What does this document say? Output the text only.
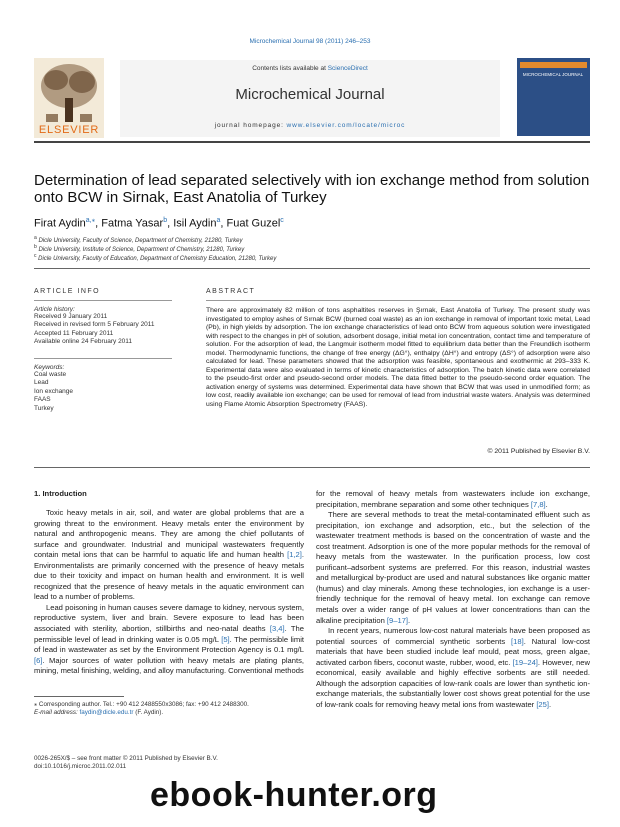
Microchemical Journal 98 (2011) 246–253
ELSEVIER
Contents lists available at ScienceDirect
Microchemical Journal
journal homepage: www.elsevier.com/locate/microc
MICROCHEMICAL JOURNAL
Determination of lead separated selectively with ion exchange method from solution onto BCW in Sirnak, East Anatolia of Turkey
Firat Aydin$^{a,⁎}$, Fatma Yasar$^b$, Isil Aydin$^a$, Fuat Guzel$^c$
$^a$ Dicle University, Faculty of Science, Department of Chemistry, 21280, Turkey
$^b$ Dicle University, Institute of Science, Department of Chemistry, 21280, Turkey
$^c$ Dicle University, Faculty of Education, Department of Chemistry Education, 21280, Turkey
ARTICLE INFO
Article history:
Received 9 January 2011
Received in revised form 5 February 2011
Accepted 11 February 2011
Available online 24 February 2011
Keywords:
Coal waste
Lead
Ion exchange
FAAS
Turkey
ABSTRACT
There are approximately 82 million of tons asphaltites reserves in Şırnak, East Anatolia of Turkey. The present study was investigated to employ ashes of Sırnak BCW (burned coal waste) as an ion exchange in removal of important toxic metal, Lead (Pb), in high yields by adsorption. The ion exchange characteristics of lead onto BCW from aqueous solution were investigated with respect to the changes in pH of solution, adsorbent dosage, initial metal ion concentration, contact time and temperature of solution. For the adsorption of lead, the Langmuir isotherm model fitted to equilibrium data better than the Freundlich isotherm model. Thermodynamic functions, the change of free energy (ΔG°), enthalpy (ΔH°) and entropy (ΔS°) of adsorption were also calculated for lead. These parameters showed that the adsorption was feasible, spontaneous and exothermic at 293–333 K. Experimental data were also evaluated in terms of kinetic characteristics of adsorption. The batch kinetic data were correlated to the pseudo-first order and pseudo-second order models. The data fitted better to the pseudo-second order equation. The activation energy of systems was determined. Experimental data have shown that BCW that was used in unmodified form; as low cost, readily available ion exchange; can be used for removal of lead from industrial waste waters. Analysis was determined using Flame Atomic Absorption Spectrometry (FAAS).
© 2011 Published by Elsevier B.V.
1. Introduction

Toxic heavy metals in air, soil, and water are global problems that are a growing threat to the environment. Heavy metals enter the environment by natural and anthropogenic means. They are among the chief pollutants of surface and groundwater. Industrial and municipal wastewaters frequently contain metal ions that can be harmful to aquatic life and human health [1,2]. Environmentalists are primarily concerned with the presence of heavy metals due to their toxicity and impact on human health and environment. It is well recognized that the presence of heavy metals in the aquatic environment can lead to a number of problems.

Lead poisoning in human causes severe damage to kidney, nervous system, reproductive system, liver and brain. Severe exposure to lead has been associated with sterility, abortion, stillbirths and neo-natal deaths [3,4]. The permissible level of lead in drinking water is 0.05 mg/L [5]. The permissible limit of lead in wastewater as set by the Environment Protection Agency is 0.1 mg/L [6]. Major sources of water pollution with heavy metals are plating plants, mining, metal finishing, welding, and alloy manufacturing. Conventional methods

for the removal of heavy metals from wastewaters include ion exchange, precipitation, membrane separation and some other techniques [7,8].

There are several methods to treat the metal-contaminated effluent such as precipitation, ion exchange and adsorption, etc., but the selection of the wastewater treatment methods is based on the concentration of waste and the cost treatment. Adsorption is one of the more popular methods for the removal of heavy metals from the wastewater. In the purification process, low cost purificant–adsorbent systems are preferred. For this reason, industrial wastes and metallurgical by-product are used and natural substances like organic matter (humus) and clay minerals. Among these technologies, ion exchange is a user-friendly technique for the removal of heavy metal. Ion exchange can remove metals over a wider range of pH values at lower concentrations than can the alkaline precipitation [9–17].

In recent years, numerous low-cost natural materials have been proposed as potential sources of commercial synthetic sorbents [18]. Natural low-cost materials that have been studied include leaf mould, peat moss, green algae, activated carbon fibers, coconut waste, rubber, wood, etc. [19–24]. However, new economical, easily available and highly effective sorbents are still needed. Although the adsorption capacities of low-rank coals are lower than synthetic ion-exchange materials, the substantially lower cost shows great potential for the use of low-rank coals for removing heavy metal ions from wastewater [25].

⁎ Corresponding author. Tel.: +90 412 2488550x3086; fax: +90 412 2488300.
E-mail address: faydin@dicle.edu.tr (F. Aydin).
0026-265X/$ – see front matter © 2011 Published by Elsevier B.V.
doi:10.1016/j.microc.2011.02.011
ebook-hunter.org
